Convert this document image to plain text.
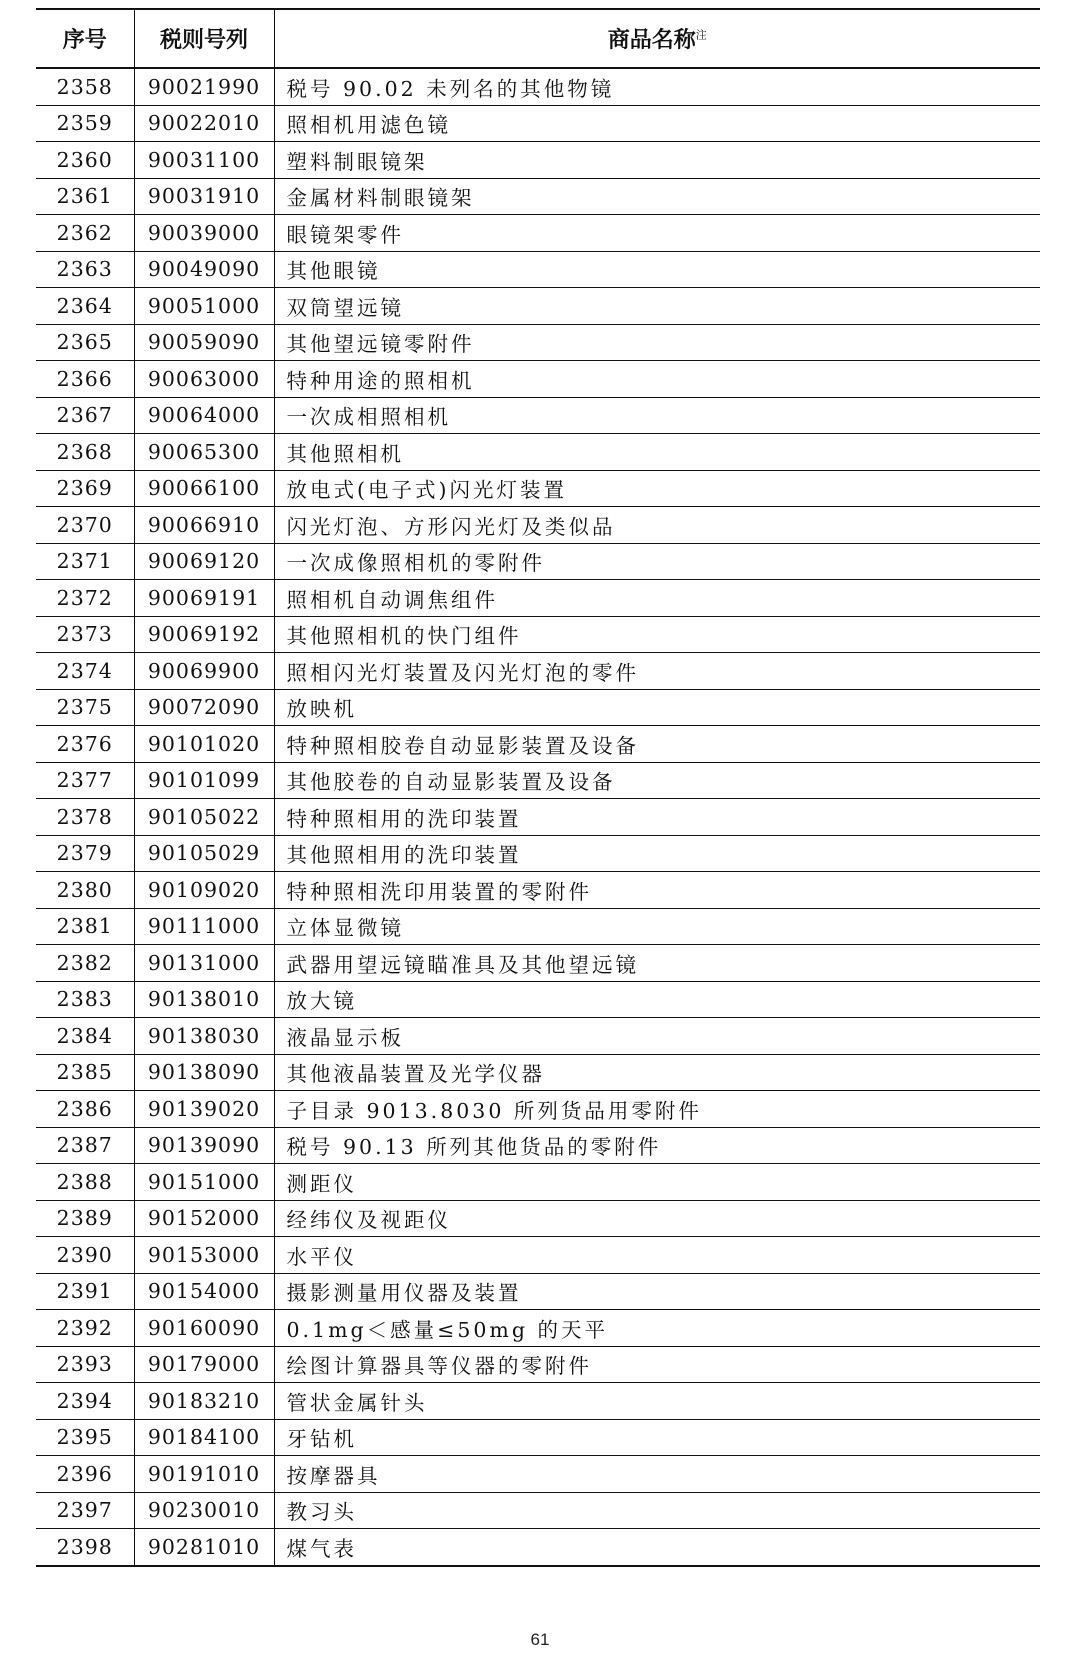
序号	税则号列	商品名称$^注$
2358	90021990	税号 90.02 未列名的其他物镜
2359	90022010	照相机用滤色镜
2360	90031100	塑料制眼镜架
2361	90031910	金属材料制眼镜架
2362	90039000	眼镜架零件
2363	90049090	其他眼镜
2364	90051000	双筒望远镜
2365	90059090	其他望远镜零附件
2366	90063000	特种用途的照相机
2367	90064000	一次成相照相机
2368	90065300	其他照相机
2369	90066100	放电式(电子式)闪光灯装置
2370	90066910	闪光灯泡、方形闪光灯及类似品
2371	90069120	一次成像照相机的零附件
2372	90069191	照相机自动调焦组件
2373	90069192	其他照相机的快门组件
2374	90069900	照相闪光灯装置及闪光灯泡的零件
2375	90072090	放映机
2376	90101020	特种照相胶卷自动显影装置及设备
2377	90101099	其他胶卷的自动显影装置及设备
2378	90105022	特种照相用的洗印装置
2379	90105029	其他照相用的洗印装置
2380	90109020	特种照相洗印用装置的零附件
2381	90111000	立体显微镜
2382	90131000	武器用望远镜瞄准具及其他望远镜
2383	90138010	放大镜
2384	90138030	液晶显示板
2385	90138090	其他液晶装置及光学仪器
2386	90139020	子目录 9013.8030 所列货品用零附件
2387	90139090	税号 90.13 所列其他货品的零附件
2388	90151000	测距仪
2389	90152000	经纬仪及视距仪
2390	90153000	水平仪
2391	90154000	摄影测量用仪器及装置
2392	90160090	0.1mg＜感量≤50mg 的天平
2393	90179000	绘图计算器具等仪器的零附件
2394	90183210	管状金属针头
2395	90184100	牙钻机
2396	90191010	按摩器具
2397	90230010	教习头
2398	90281010	煤气表
61
